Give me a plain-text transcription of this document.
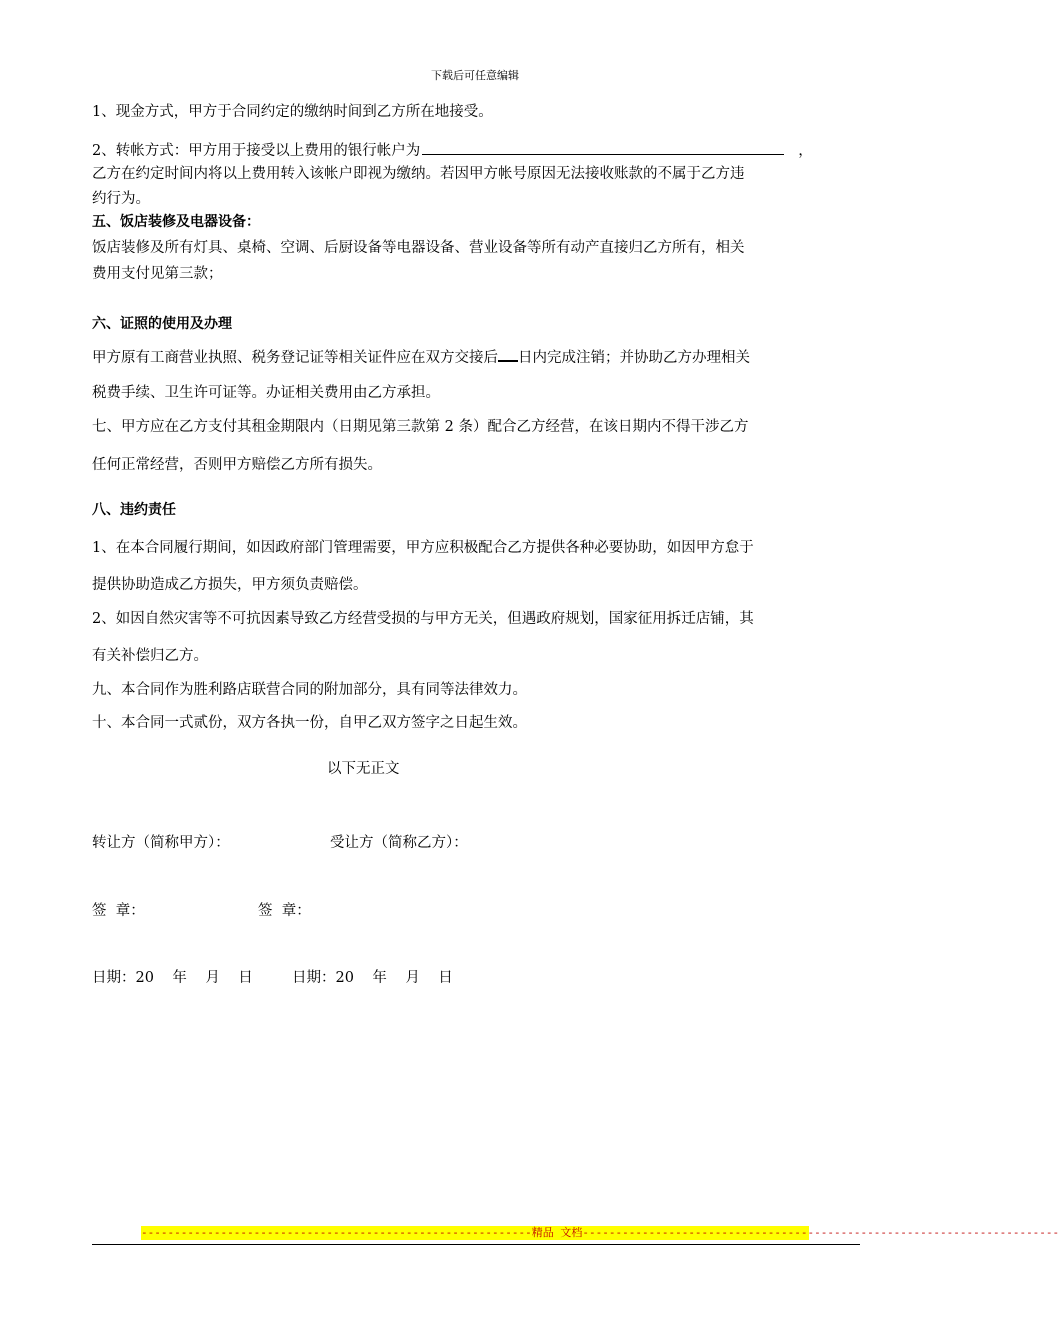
下载后可任意编辑
1、现金方式，甲方于合同约定的缴纳时间到乙方所在地接受。
2、转帐方式：甲方用于接受以上费用的银行帐户为	，
乙方在约定时间内将以上费用转入该帐户即视为缴纳。若因甲方帐号原因无法接收账款的不属于乙方违
约行为。
五、饭店装修及电器设备：
饭店装修及所有灯具、桌椅、空调、后厨设备等电器设备、营业设备等所有动产直接归乙方所有，相关
费用支付见第三款；
六、证照的使用及办理
甲方原有工商营业执照、税务登记证等相关证件应在双方交接后 日内完成注销；并协助乙方办理相关
税费手续、卫生许可证等。办证相关费用由乙方承担。
七、甲方应在乙方支付其租金期限内（日期见第三款第 2 条）配合乙方经营，在该日期内不得干涉乙方
任何正常经营，否则甲方赔偿乙方所有损失。
八、违约责任
1、在本合同履行期间，如因政府部门管理需要，甲方应积极配合乙方提供各种必要协助，如因甲方怠于
提供协助造成乙方损失，甲方须负责赔偿。
2、如因自然灾害等不可抗因素导致乙方经营受损的与甲方无关，但遇政府规划，国家征用拆迁店铺，其
有关补偿归乙方。
九、本合同作为胜利路店联营合同的附加部分，具有同等法律效力。
十、本合同一式贰份，双方各执一份，自甲乙双方签字之日起生效。
以下无正文
转让方（简称甲方）：	受让方（简称乙方）：
签  章：	签  章：
日期：20    年    月    日	日期：20    年    月    日
-----------------------------------------------------------精品 文档------------------------------------------------------------------------
